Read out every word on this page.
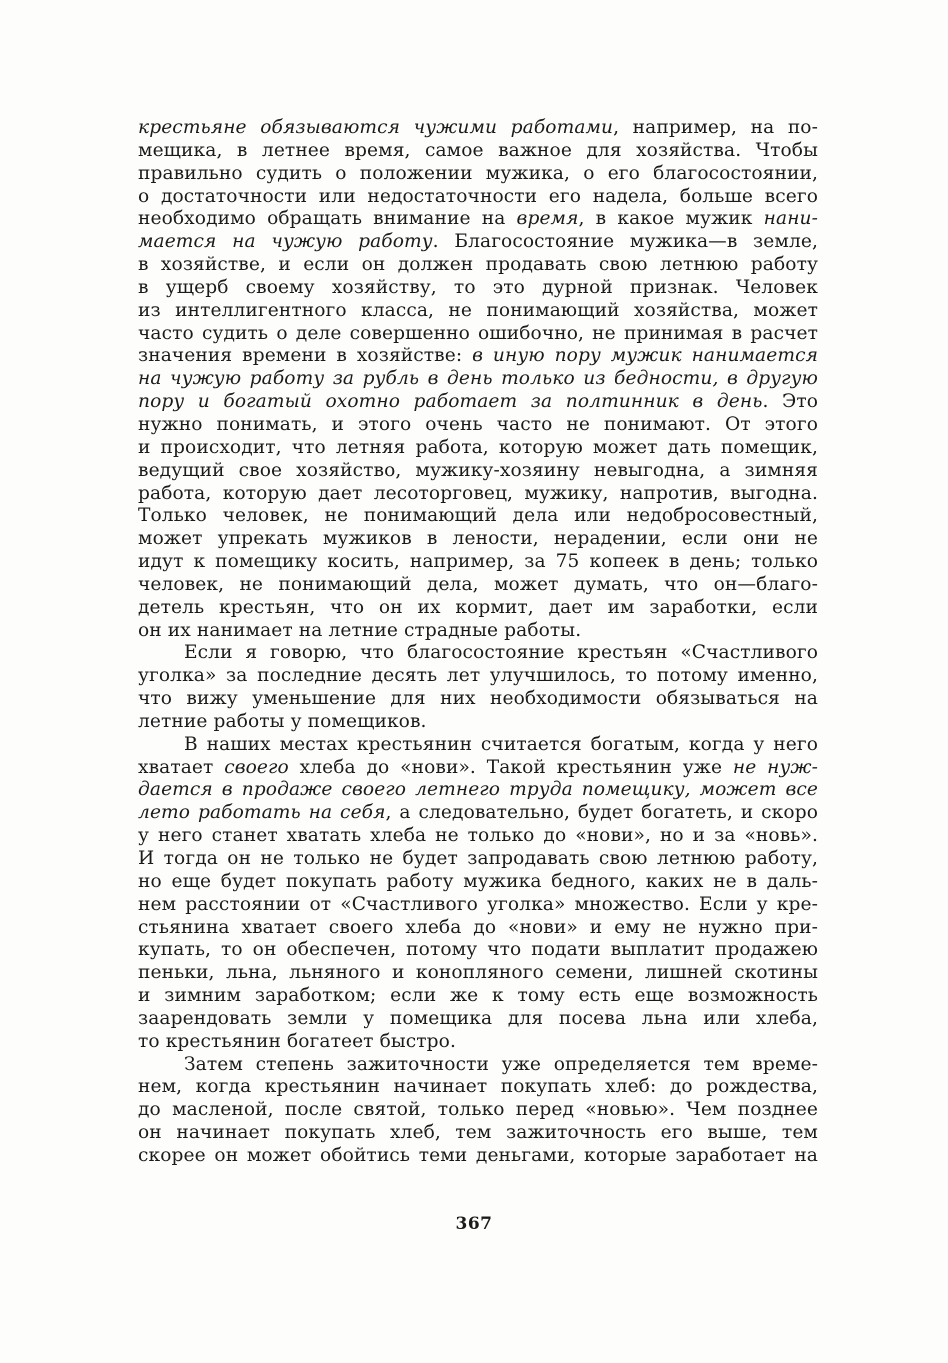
крестьяне обязываются чужими работами, например, на по-
мещика, в летнее время, самое важное для хозяйства. Чтобы
правильно судить о положении мужика, о его благосостоянии,
о достаточности или недостаточности его надела, больше всего
необходимо обращать внимание на время, в какое мужик нани-
мается на чужую работу. Благосостояние мужика—в земле,
в хозяйстве, и если он должен продавать свою летнюю работу
в ущерб своему хозяйству, то это дурной признак. Человек
из интеллигентного класса, не понимающий хозяйства, может
часто судить о деле совершенно ошибочно, не принимая в расчет
значения времени в хозяйстве: в иную пору мужик нанимается
на чужую работу за рубль в день только из бедности, в другую
пору и богатый охотно работает за полтинник в день. Это
нужно понимать, и этого очень часто не понимают. От этого
и происходит, что летняя работа, которую может дать помещик,
ведущий свое хозяйство, мужику-хозяину невыгодна, а зимняя
работа, которую дает лесоторговец, мужику, напротив, выгодна.
Только человек, не понимающий дела или недобросовестный,
может упрекать мужиков в лености, нерадении, если они не
идут к помещику косить, например, за 75 копеек в день; только
человек, не понимающий дела, может думать, что он—благо-
детель крестьян, что он их кормит, дает им заработки, если
он их нанимает на летние страдные работы.
Если я говорю, что благосостояние крестьян «Счастливого
уголка» за последние десять лет улучшилось, то потому именно,
что вижу уменьшение для них необходимости обязываться на
летние работы у помещиков.
В наших местах крестьянин считается богатым, когда у него
хватает своего хлеба до «нови». Такой крестьянин уже не нуж-
дается в продаже своего летнего труда помещику, может все
лето работать на себя, а следовательно, будет богатеть, и скоро
у него станет хватать хлеба не только до «нови», но и за «новь».
И тогда он не только не будет запродавать свою летнюю работу,
но еще будет покупать работу мужика бедного, каких не в даль-
нем расстоянии от «Счастливого уголка» множество. Если у кре-
стьянина хватает своего хлеба до «нови» и ему не нужно при-
купать, то он обеспечен, потому что подати выплатит продажею
пеньки, льна, льняного и конопляного семени, лишней скотины
и зимним заработком; если же к тому есть еще возможность
заарендовать земли у помещика для посева льна или хлеба,
то крестьянин богатеет быстро.
Затем степень зажиточности уже определяется тем време-
нем, когда крестьянин начинает покупать хлеб: до рождества,
до масленой, после святой, только перед «новью». Чем позднее
он начинает покупать хлеб, тем зажиточность его выше, тем
скорее он может обойтись теми деньгами, которые заработает на
367
